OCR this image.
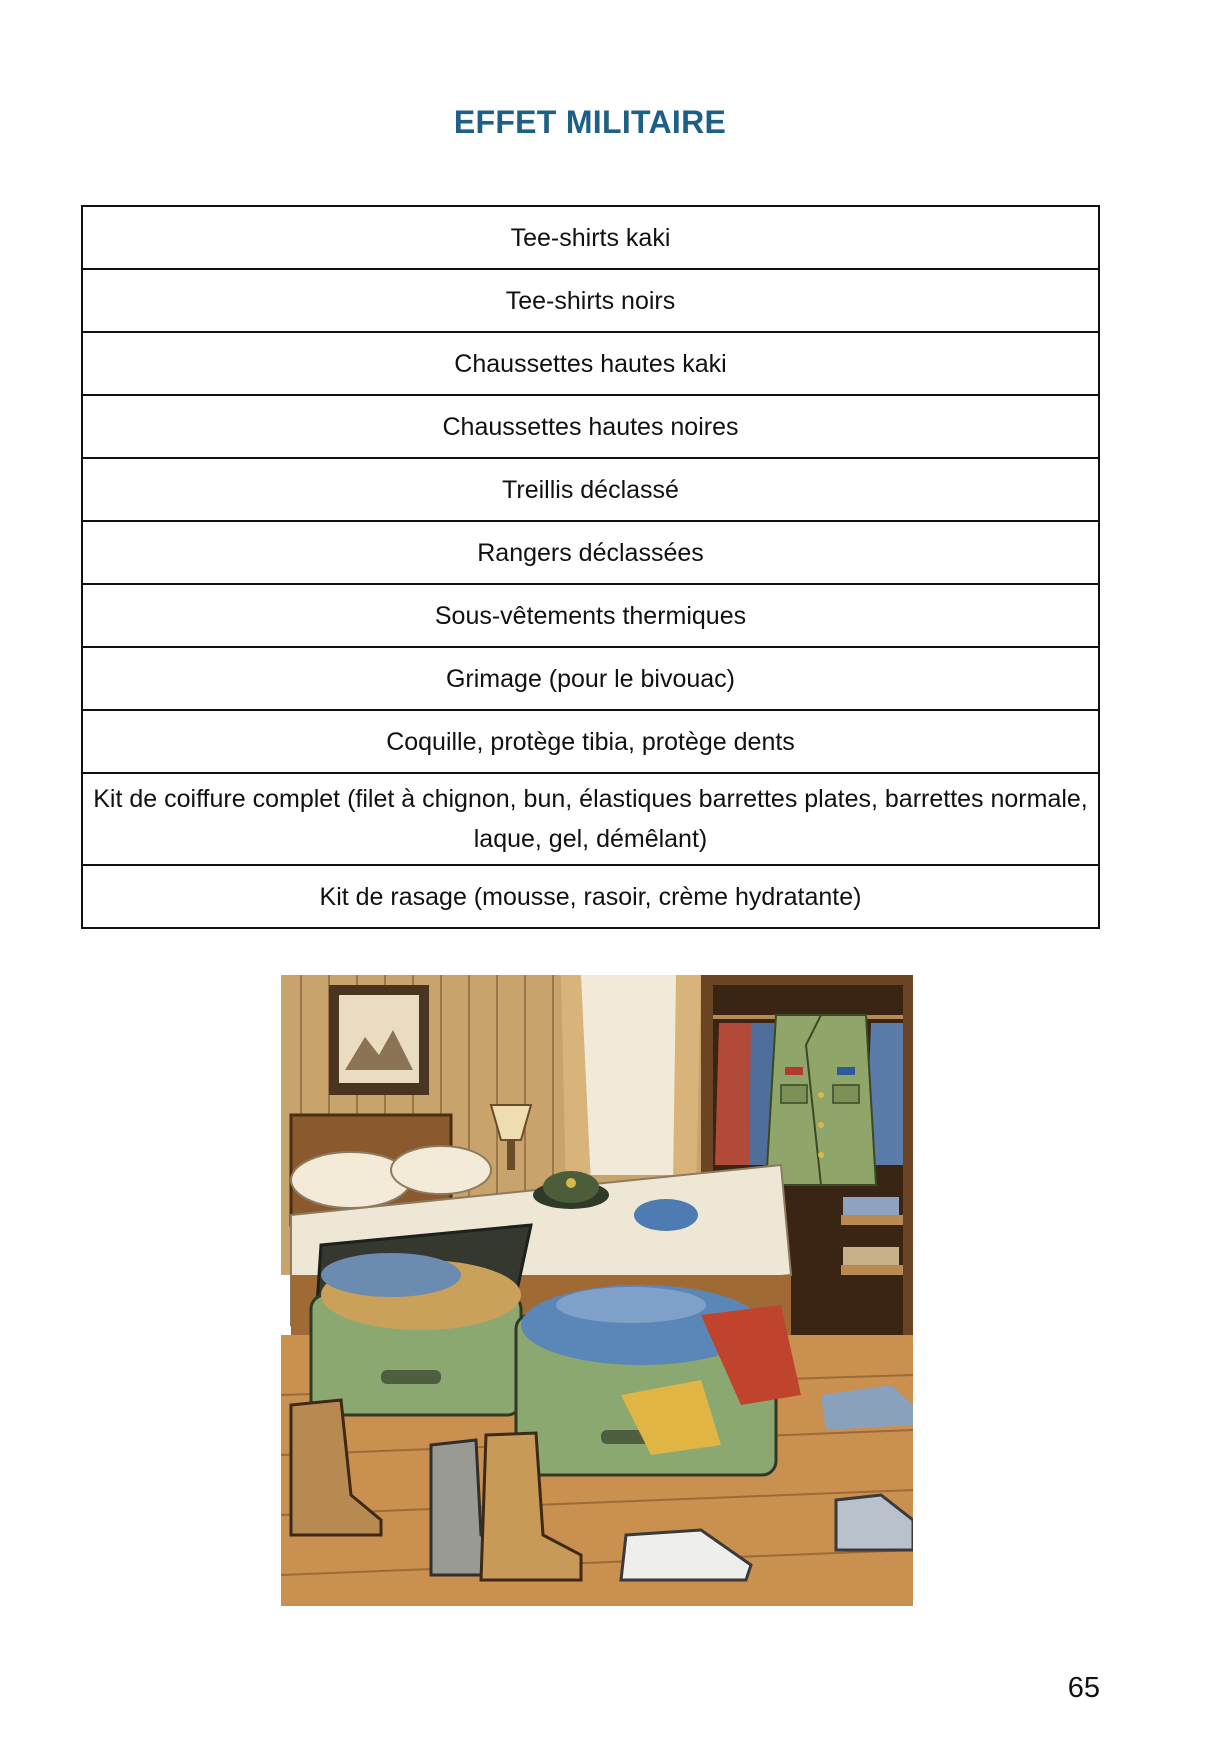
EFFET MILITAIRE
Tee-shirts kaki
Tee-shirts noirs
Chaussettes hautes kaki
Chaussettes hautes noires
Treillis déclassé
Rangers déclassées
Sous-vêtements thermiques
Grimage (pour le bivouac)
Coquille, protège tibia, protège dents
Kit de coiffure complet (filet à chignon, bun, élastiques barrettes plates, barrettes normale, laque, gel, démêlant)
Kit de rasage (mousse, rasoir, crème hydratante)
65
